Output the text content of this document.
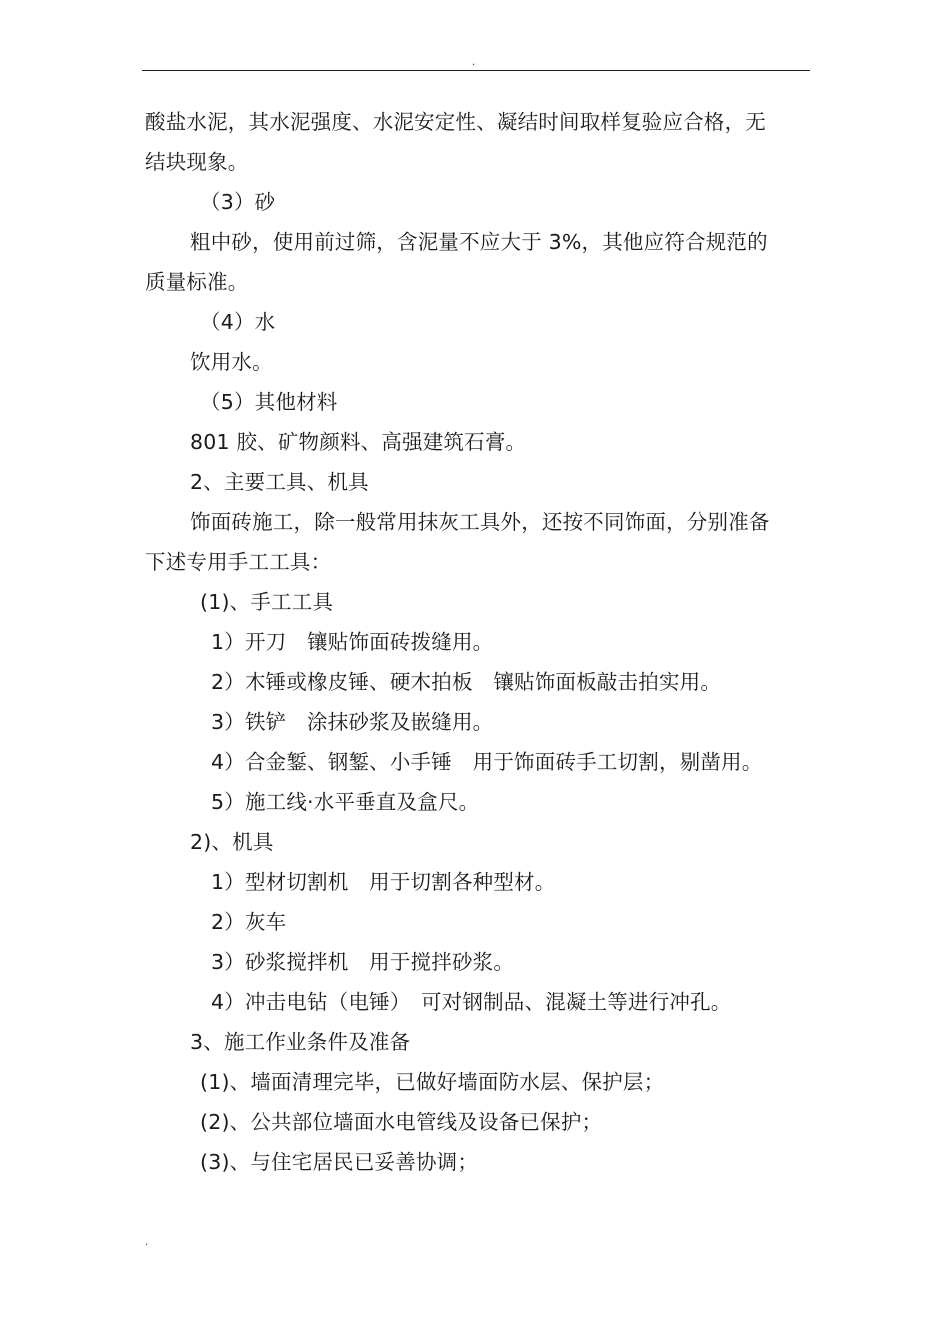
.
酸盐水泥，其水泥强度、水泥安定性、凝结时间取样复验应合格，无
结块现象。
（3）砂
粗中砂，使用前过筛，含泥量不应大于 3%，其他应符合规范的
质量标准。
（4）水
饮用水。
（5）其他材料
801 胶、矿物颜料、高强建筑石膏。
2、主要工具、机具
饰面砖施工，除一般常用抹灰工具外，还按不同饰面，分别准备
下述专用手工工具：
(1)、手工工具
1）开刀　镶贴饰面砖拨缝用。
2）木锤或橡皮锤、硬木拍板　镶贴饰面板敲击拍实用。
3）铁铲　涂抹砂浆及嵌缝用。
4）合金錾、钢錾、小手锤　用于饰面砖手工切割，剔凿用。
5）施工线·水平垂直及盒尺。
2)、机具
1）型材切割机　用于切割各种型材。
2）灰车
3）砂浆搅拌机　用于搅拌砂浆。
4）冲击电钻（电锤）　可对钢制品、混凝土等进行冲孔。
3、施工作业条件及准备
(1)、墙面清理完毕，已做好墙面防水层、保护层；
(2)、公共部位墙面水电管线及设备已保护；
(3)、与住宅居民已妥善协调；
.
